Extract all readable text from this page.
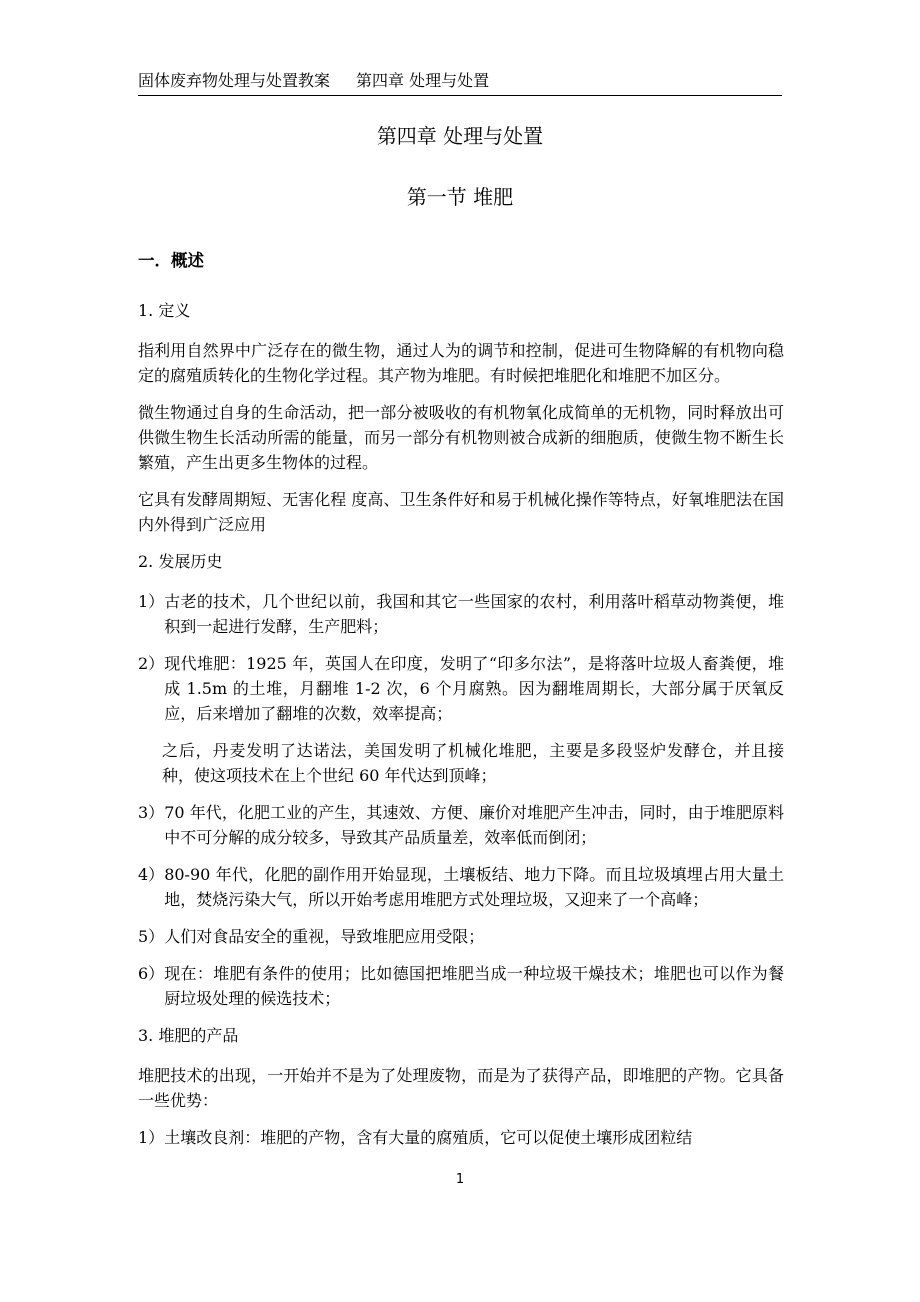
固体废弃物处理与处置教案 第四章 处理与处置
第四章 处理与处置
第一节 堆肥

一．概述

1. 定义

指利用自然界中广泛存在的微生物，通过人为的调节和控制，促进可生物降解的有机物向稳定的腐殖质转化的生物化学过程。其产物为堆肥。有时候把堆肥化和堆肥不加区分。

微生物通过自身的生命活动，把一部分被吸收的有机物氧化成简单的无机物，同时释放出可供微生物生长活动所需的能量，而另一部分有机物则被合成新的细胞质，使微生物不断生长繁殖，产生出更多生物体的过程。

它具有发酵周期短、无害化程 度高、卫生条件好和易于机械化操作等特点，好氧堆肥法在国内外得到广泛应用

2. 发展历史

1） 古老的技术，几个世纪以前，我国和其它一些国家的农村，利用落叶稻草动物粪便，堆积到一起进行发酵，生产肥料；
2） 现代堆肥：1925 年，英国人在印度，发明了“印多尔法”，是将落叶垃圾人畜粪便，堆成 1.5m 的土堆，月翻堆 1-2 次，6 个月腐熟。因为翻堆周期长，大部分属于厌氧反应，后来增加了翻堆的次数，效率提高；

之后，丹麦发明了达诺法，美国发明了机械化堆肥，主要是多段竖炉发酵仓，并且接种，使这项技术在上个世纪 60 年代达到顶峰；

3） 70 年代，化肥工业的产生，其速效、方便、廉价对堆肥产生冲击，同时，由于堆肥原料中不可分解的成分较多，导致其产品质量差，效率低而倒闭；
4） 80-90 年代，化肥的副作用开始显现，土壤板结、地力下降。而且垃圾填埋占用大量土地，焚烧污染大气，所以开始考虑用堆肥方式处理垃圾，又迎来了一个高峰；
5） 人们对食品安全的重视，导致堆肥应用受限；
6） 现在：堆肥有条件的使用；比如德国把堆肥当成一种垃圾干燥技术；堆肥也可以作为餐厨垃圾处理的候选技术；

3. 堆肥的产品

堆肥技术的出现，一开始并不是为了处理废物，而是为了获得产品，即堆肥的产物。它具备一些优势：

1） 土壤改良剂：堆肥的产物，含有大量的腐殖质，它可以促使土壤形成团粒结
1
